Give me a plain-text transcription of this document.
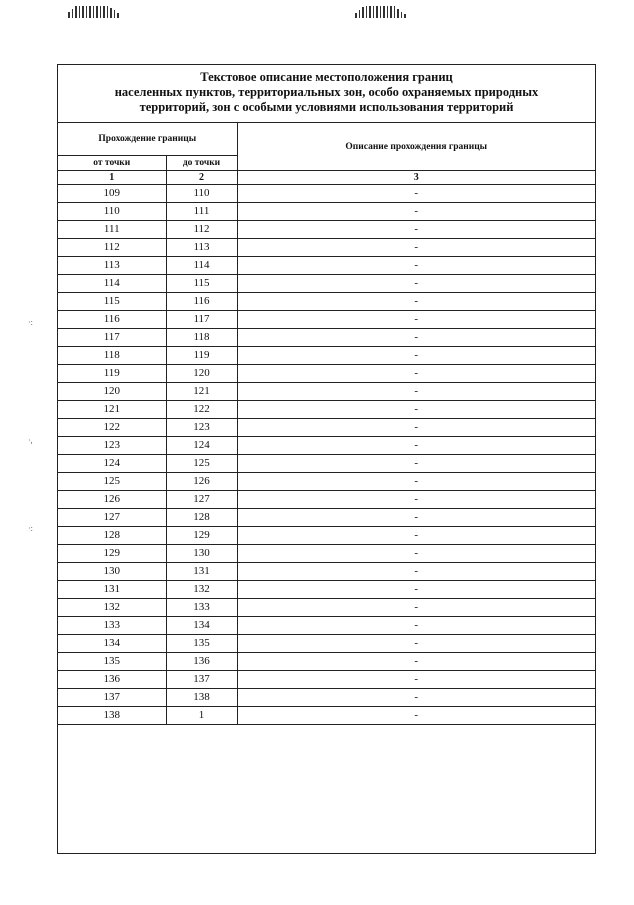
·:
·,
·:
Текстовое описание местоположения границ
населенных пунктов, территориальных зон, особо охраняемых природных
территорий, зон с особыми условиями использования территорий
Прохождение границы		Описание прохождения границы
от точки	до точки	
1	2	3
109	110	-
110	111	-
111	112	-
112	113	-
113	114	-
114	115	-
115	116	-
116	117	-
117	118	-
118	119	-
119	120	-
120	121	-
121	122	-
122	123	-
123	124	-
124	125	-
125	126	-
126	127	-
127	128	-
128	129	-
129	130	-
130	131	-
131	132	-
132	133	-
133	134	-
134	135	-
135	136	-
136	137	-
137	138	-
138	1	-
